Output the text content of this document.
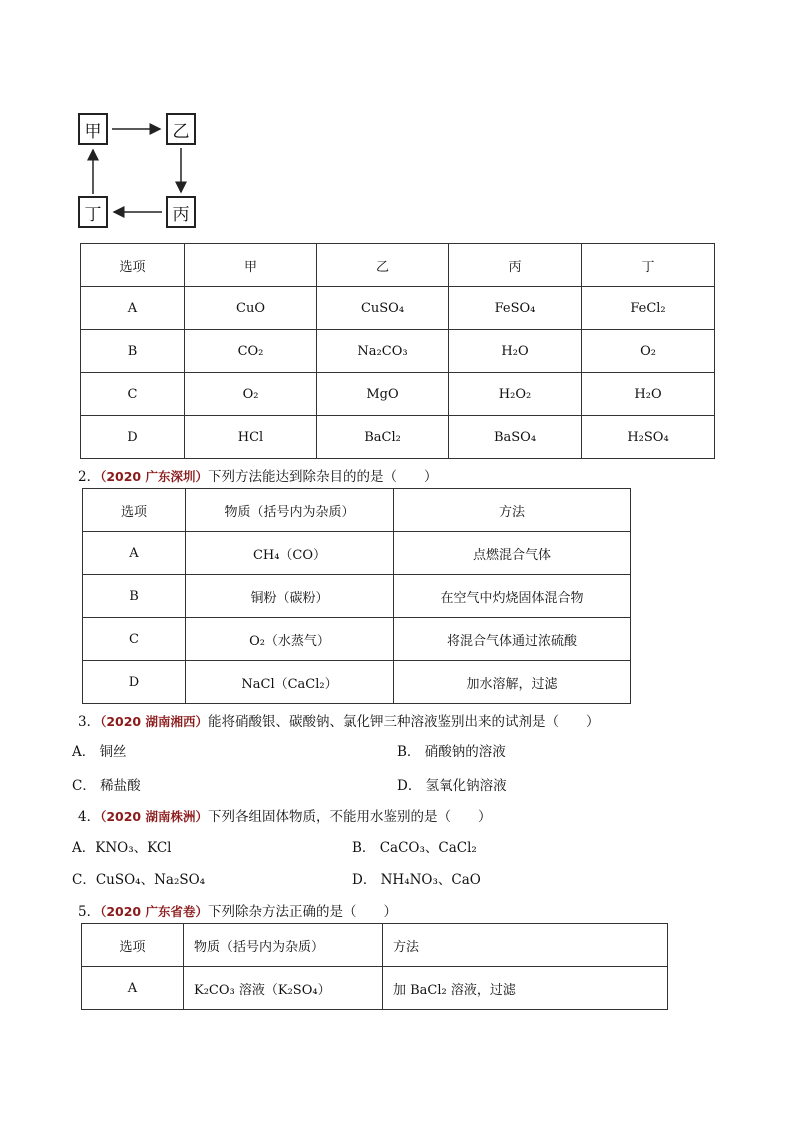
甲	乙
丙
丁
选项	甲	乙	丙	丁
A	CuO	CuSO₄	FeSO₄	FeCl₂
B	CO₂	Na₂CO₃	H₂O	O₂
C	O₂	MgO	H₂O₂	H₂O
D	HCl	BaCl₂	BaSO₄	H₂SO₄
2．（2020 广东深圳）下列方法能达到除杂目的的是（　　）
选项	物质（括号内为杂质）	方法
A	CH₄（CO）	点燃混合气体
B	铜粉（碳粉）	在空气中灼烧固体混合物
C	O₂（水蒸气）	将混合气体通过浓硫酸
D	NaCl（CaCl₂）	加水溶解，过滤
3．（2020 湖南湘西）能将硝酸银、碳酸钠、氯化钾三种溶液鉴别出来的试剂是（　　）
A． 铜丝	B． 硝酸钠的溶液
C． 稀盐酸	D． 氢氧化钠溶液
4．（2020 湖南株洲）下列各组固体物质，不能用水鉴别的是（　　）
A．KNO₃、KCl	B． CaCO₃、CaCl₂
C．CuSO₄、Na₂SO₄	D． NH₄NO₃、CaO
5．（2020 广东省卷）下列除杂方法正确的是（　　）
选项	物质（括号内为杂质）	方法
A	K₂CO₃ 溶液（K₂SO₄）	加 BaCl₂ 溶液，过滤
